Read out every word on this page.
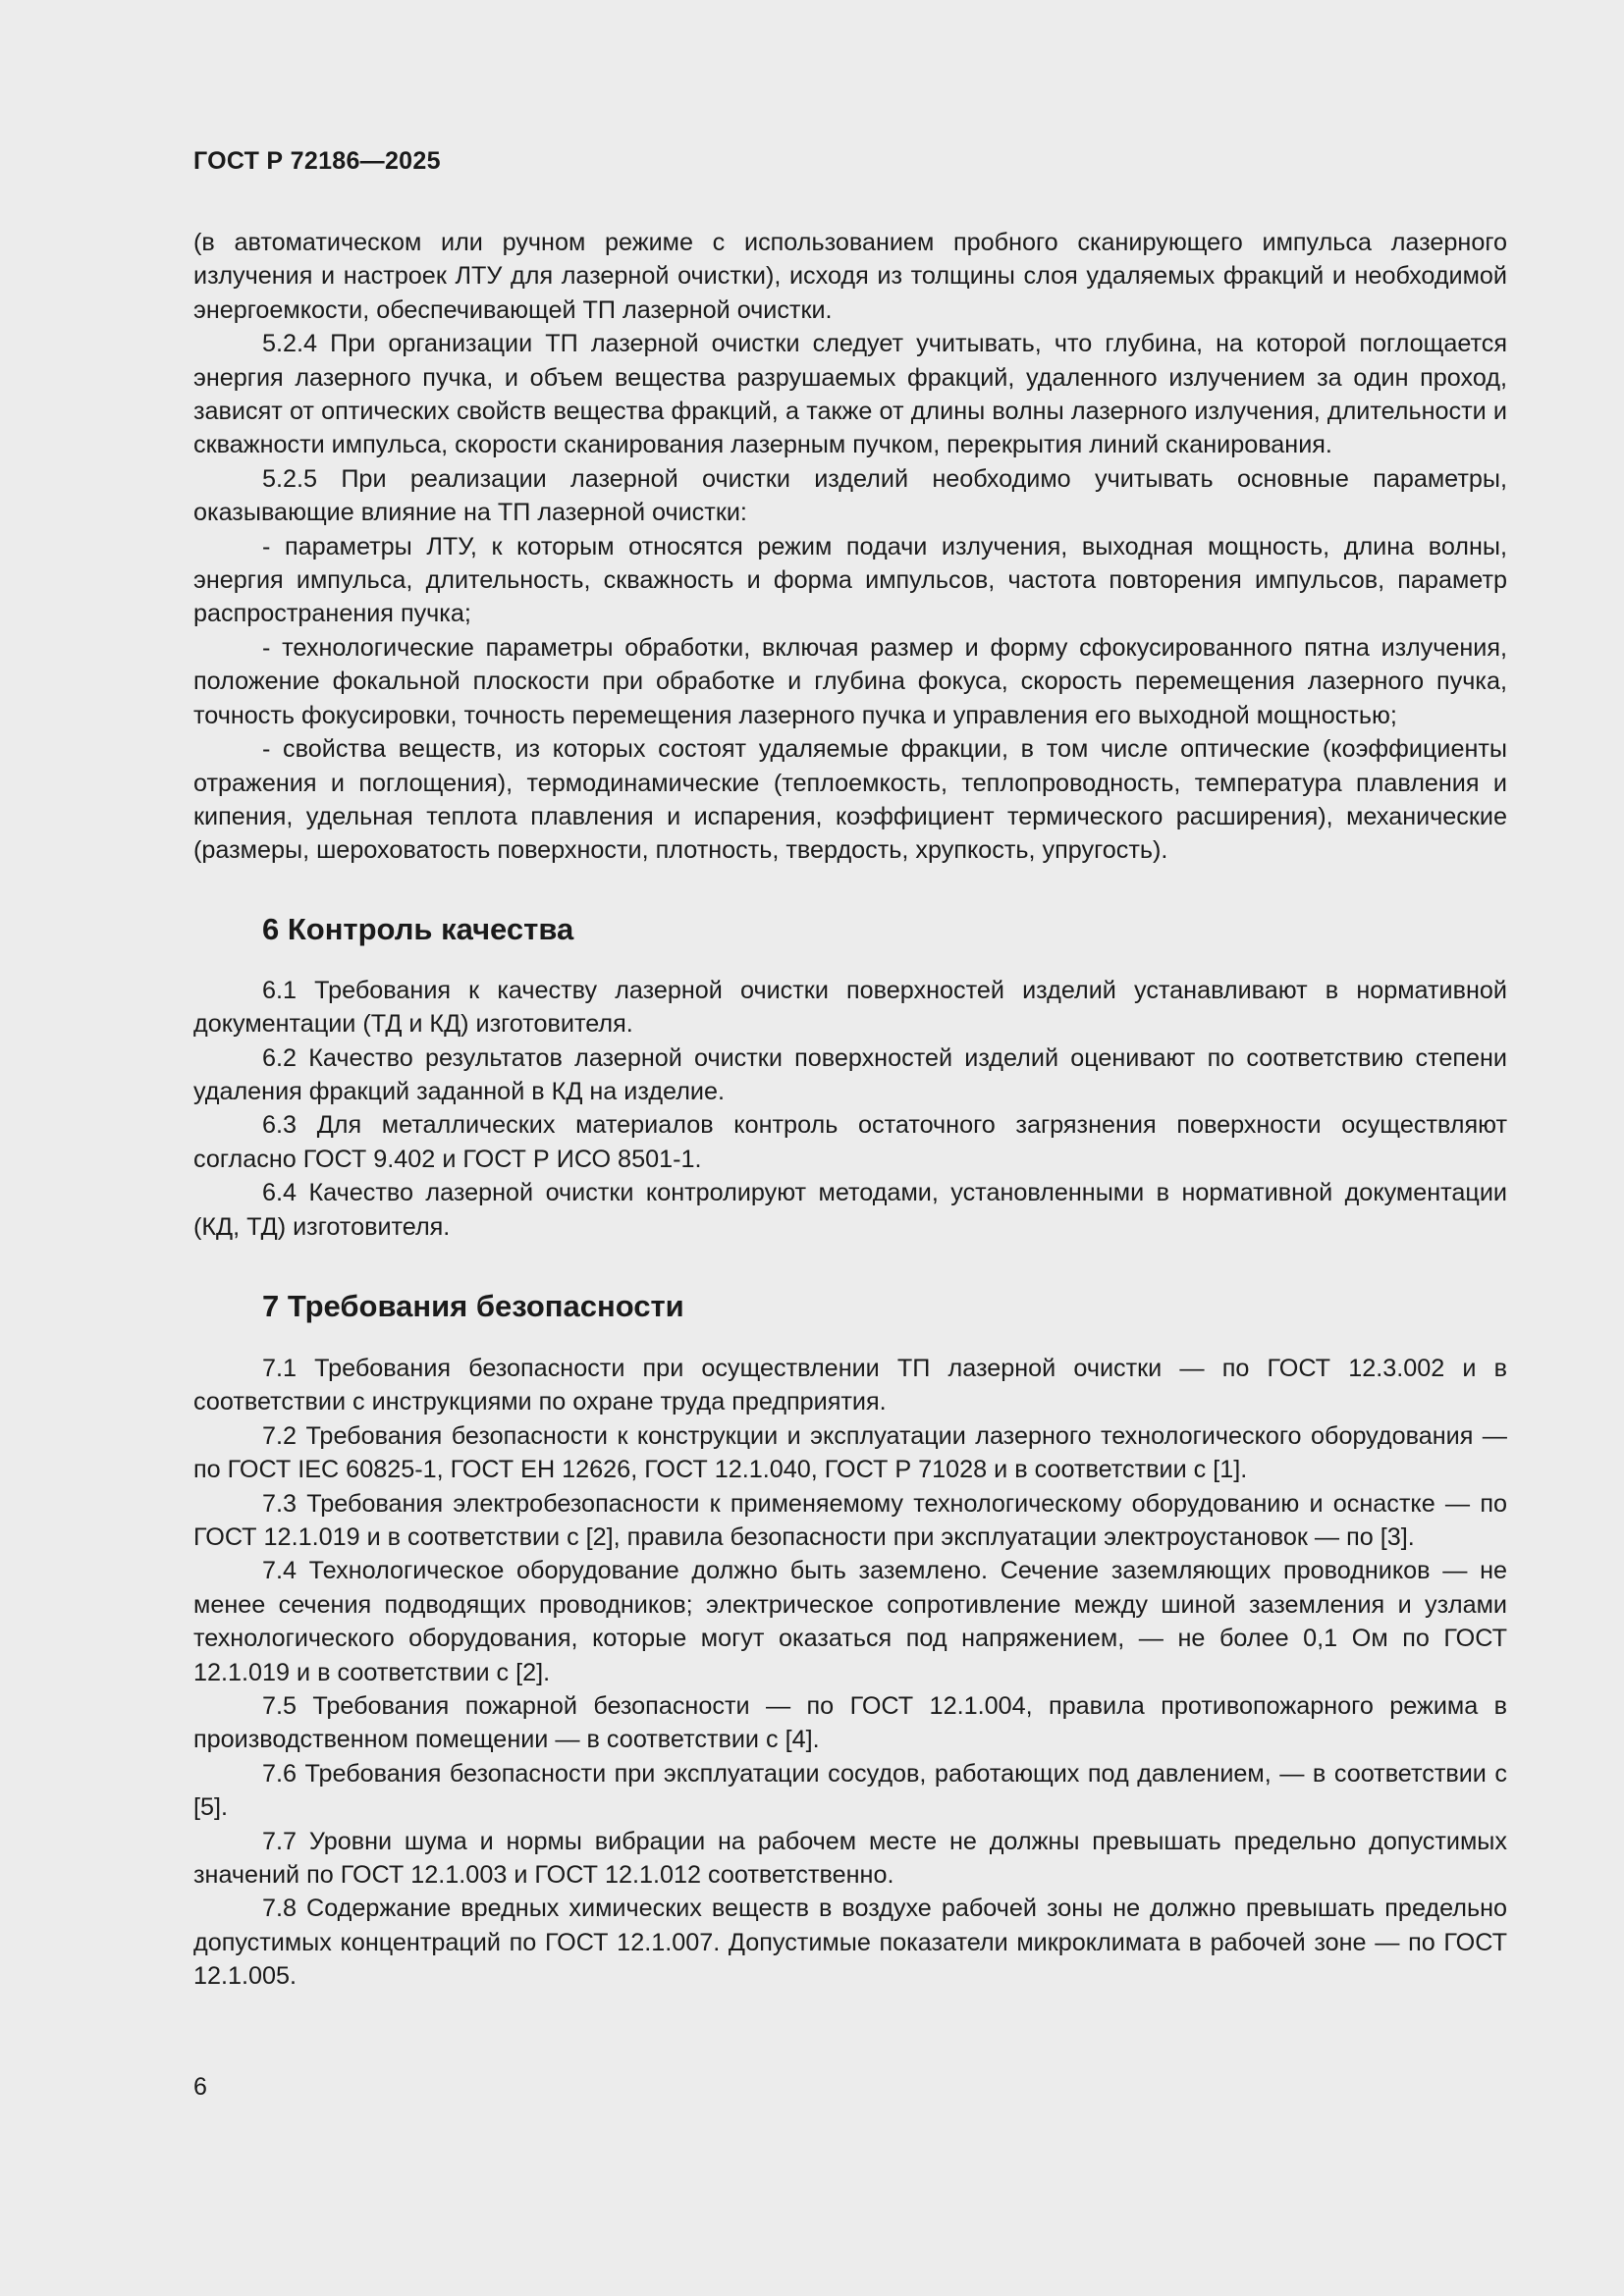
ГОСТ Р 72186—2025

(в автоматическом или ручном режиме с использованием пробного сканирующего импульса лазерного излучения и настроек ЛТУ для лазерной очистки), исходя из толщины слоя удаляемых фракций и необходимой энергоемкости, обеспечивающей ТП лазерной очистки.

5.2.4 При организации ТП лазерной очистки следует учитывать, что глубина, на которой поглощается энергия лазерного пучка, и объем вещества разрушаемых фракций, удаленного излучением за один проход, зависят от оптических свойств вещества фракций, а также от длины волны лазерного излучения, длительности и скважности импульса, скорости сканирования лазерным пучком, перекрытия линий сканирования.

5.2.5 При реализации лазерной очистки изделий необходимо учитывать основные параметры, оказывающие влияние на ТП лазерной очистки:

- параметры ЛТУ, к которым относятся режим подачи излучения, выходная мощность, длина волны, энергия импульса, длительность, скважность и форма импульсов, частота повторения импульсов, параметр распространения пучка;

- технологические параметры обработки, включая размер и форму сфокусированного пятна излучения, положение фокальной плоскости при обработке и глубина фокуса, скорость перемещения лазерного пучка, точность фокусировки, точность перемещения лазерного пучка и управления его выходной мощностью;

- свойства веществ, из которых состоят удаляемые фракции, в том числе оптические (коэффициенты отражения и поглощения), термодинамические (теплоемкость, теплопроводность, температура плавления и кипения, удельная теплота плавления и испарения, коэффициент термического расширения), механические (размеры, шероховатость поверхности, плотность, твердость, хрупкость, упругость).

6 Контроль качества

6.1 Требования к качеству лазерной очистки поверхностей изделий устанавливают в нормативной документации (ТД и КД) изготовителя.

6.2 Качество результатов лазерной очистки поверхностей изделий оценивают по соответствию степени удаления фракций заданной в КД на изделие.

6.3 Для металлических материалов контроль остаточного загрязнения поверхности осуществляют согласно ГОСТ 9.402 и ГОСТ Р ИСО 8501-1.

6.4 Качество лазерной очистки контролируют методами, установленными в нормативной документации (КД, ТД) изготовителя.

7 Требования безопасности

7.1 Требования безопасности при осуществлении ТП лазерной очистки — по ГОСТ 12.3.002 и в соответствии с инструкциями по охране труда предприятия.

7.2 Требования безопасности к конструкции и эксплуатации лазерного технологического оборудования — по ГОСТ IEC 60825-1, ГОСТ ЕН 12626, ГОСТ 12.1.040, ГОСТ Р 71028 и в соответствии с [1].

7.3 Требования электробезопасности к применяемому технологическому оборудованию и оснастке — по ГОСТ 12.1.019 и в соответствии с [2], правила безопасности при эксплуатации электроустановок — по [3].

7.4 Технологическое оборудование должно быть заземлено. Сечение заземляющих проводников — не менее сечения подводящих проводников; электрическое сопротивление между шиной заземления и узлами технологического оборудования, которые могут оказаться под напряжением, — не более 0,1 Ом по ГОСТ 12.1.019 и в соответствии с [2].

7.5 Требования пожарной безопасности — по ГОСТ 12.1.004, правила противопожарного режима в производственном помещении — в соответствии с [4].

7.6 Требования безопасности при эксплуатации сосудов, работающих под давлением, — в соответствии с [5].

7.7 Уровни шума и нормы вибрации на рабочем месте не должны превышать предельно допустимых значений по ГОСТ 12.1.003 и ГОСТ 12.1.012 соответственно.

7.8 Содержание вредных химических веществ в воздухе рабочей зоны не должно превышать предельно допустимых концентраций по ГОСТ 12.1.007. Допустимые показатели микроклимата в рабочей зоне — по ГОСТ 12.1.005.

6
